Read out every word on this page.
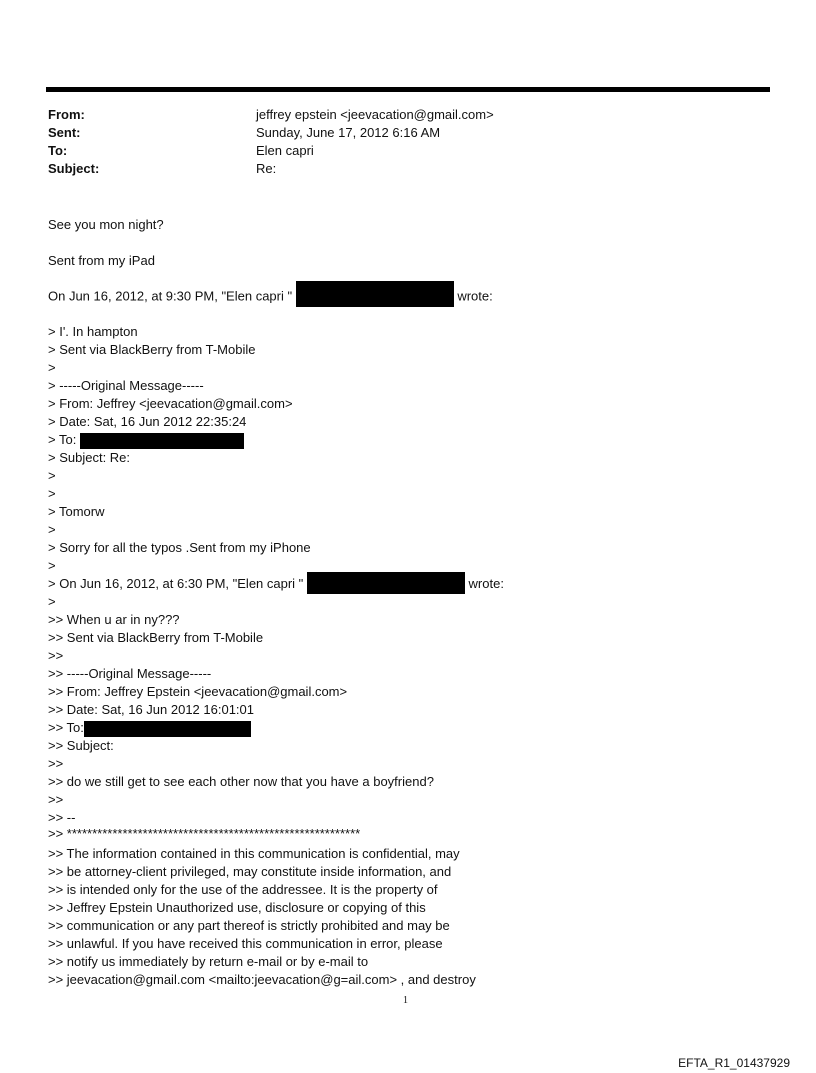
From:	jeffrey epstein <jeevacation@gmail.com>
Sent:	Sunday, June 17, 2012 6:16 AM
To:	Elen capri
Subject:	Re:
See you mon night?
Sent from my iPad
On Jun 16, 2012, at 9:30 PM, "Elen capri "	wrote:
> I'. In hampton
> Sent via BlackBerry from T-Mobile
>
> -----Original Message-----
> From: Jeffrey <jeevacation@gmail.com>
> Date: Sat, 16 Jun 2012 22:35:24
> To:
> Subject: Re:
>
>
> Tomorw
>
> Sorry for all the typos .Sent from my iPhone
>
> On Jun 16, 2012, at 6:30 PM, "Elen capri "	wrote:
>
>> When u ar in ny???
>> Sent via BlackBerry from T-Mobile
>>
>> -----Original Message-----
>> From: Jeffrey Epstein <jeevacation@gmail.com>
>> Date: Sat, 16 Jun 2012 16:01:01
>> To:
>> Subject:
>>
>> do we still get to see each other now that you have a boyfriend?
>>
>> --
>> **********************************************************
>> The information contained in this communication is confidential, may
>> be attorney-client privileged, may constitute inside information, and
>> is intended only for the use of the addressee. It is the property of
>> Jeffrey Epstein Unauthorized use, disclosure or copying of this
>> communication or any part thereof is strictly prohibited and may be
>> unlawful. If you have received this communication in error, please
>> notify us immediately by return e-mail or by e-mail to
>> jeevacation@gmail.com <mailto:jeevacation@g=ail.com> , and destroy
1
EFTA_R1_01437929
